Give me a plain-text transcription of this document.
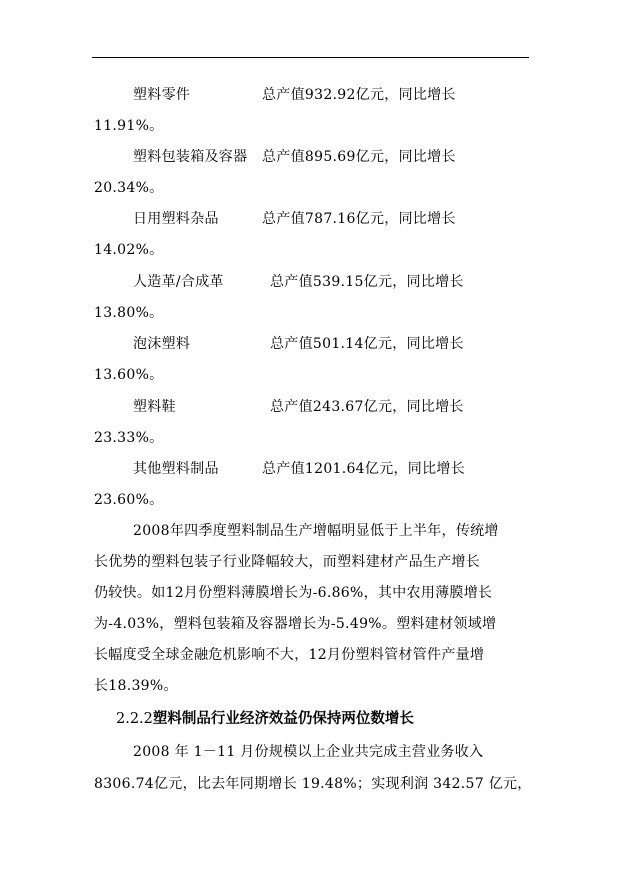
塑料零件	总产值932.92亿元，同比增长
11.91%。
塑料包装箱及容器 总产值895.69亿元，同比增长
20.34%。
日用塑料杂品	总产值787.16亿元，同比增长
14.02%。
人造革/合成革	总产值539.15亿元，同比增长
13.80%。
泡沫塑料	总产值501.14亿元，同比增长
13.60%。
塑料鞋	总产值243.67亿元，同比增长
23.33%。
其他塑料制品	总产值1201.64亿元，同比增长
23.60%。
2008年四季度塑料制品生产增幅明显低于上半年，传统增
长优势的塑料包装子行业降幅较大，而塑料建材产品生产增长
仍较快。如12月份塑料薄膜增长为-6.86%，其中农用薄膜增长
为-4.03%，塑料包装箱及容器增长为-5.49%。塑料建材领域增
长幅度受全球金融危机影响不大，12月份塑料管材管件产量增
长18.39%。
2.2.2塑料制品行业经济效益仍保持两位数增长
2008 年 1－11 月份规模以上企业共完成主营业务收入
8306.74亿元，比去年同期增长 19.48%；实现利润 342.57 亿元，
